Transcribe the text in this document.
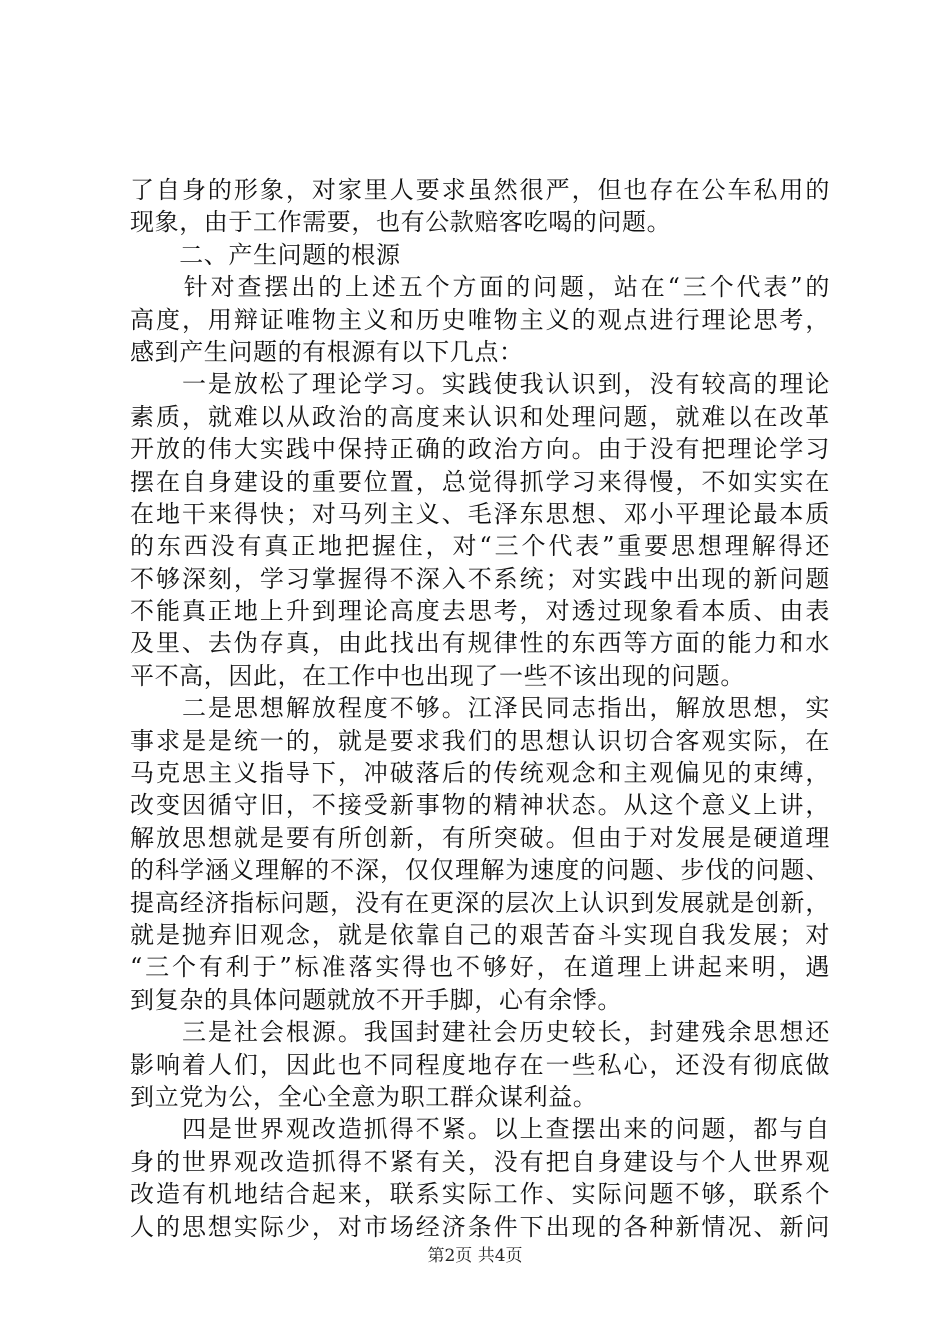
了自身的形象，对家里人要求虽然很严，但也存在公车私用的
现象，由于工作需要，也有公款赔客吃喝的问题。
　　二、产生问题的根源
　　针对查摆出的上述五个方面的问题，站在“三个代表”的
高度，用辩证唯物主义和历史唯物主义的观点进行理论思考，
感到产生问题的有根源有以下几点：
　　一是放松了理论学习。实践使我认识到，没有较高的理论
素质，就难以从政治的高度来认识和处理问题，就难以在改革
开放的伟大实践中保持正确的政治方向。由于没有把理论学习
摆在自身建设的重要位置，总觉得抓学习来得慢，不如实实在
在地干来得快；对马列主义、毛泽东思想、邓小平理论最本质
的东西没有真正地把握住，对“三个代表”重要思想理解得还
不够深刻，学习掌握得不深入不系统；对实践中出现的新问题
不能真正地上升到理论高度去思考，对透过现象看本质、由表
及里、去伪存真，由此找出有规律性的东西等方面的能力和水
平不高，因此，在工作中也出现了一些不该出现的问题。
　　二是思想解放程度不够。江泽民同志指出，解放思想，实
事求是是统一的，就是要求我们的思想认识切合客观实际，在
马克思主义指导下，冲破落后的传统观念和主观偏见的束缚，
改变因循守旧，不接受新事物的精神状态。从这个意义上讲，
解放思想就是要有所创新，有所突破。但由于对发展是硬道理
的科学涵义理解的不深，仅仅理解为速度的问题、步伐的问题、
提高经济指标问题，没有在更深的层次上认识到发展就是创新，
就是抛弃旧观念，就是依靠自己的艰苦奋斗实现自我发展；对
“三个有利于”标准落实得也不够好，在道理上讲起来明，遇
到复杂的具体问题就放不开手脚，心有余悸。
　　三是社会根源。我国封建社会历史较长，封建残余思想还
影响着人们，因此也不同程度地存在一些私心，还没有彻底做
到立党为公，全心全意为职工群众谋利益。
　　四是世界观改造抓得不紧。以上查摆出来的问题，都与自
身的世界观改造抓得不紧有关，没有把自身建设与个人世界观
改造有机地结合起来，联系实际工作、实际问题不够，联系个
人的思想实际少，对市场经济条件下出现的各种新情况、新问
第2页 共4页
